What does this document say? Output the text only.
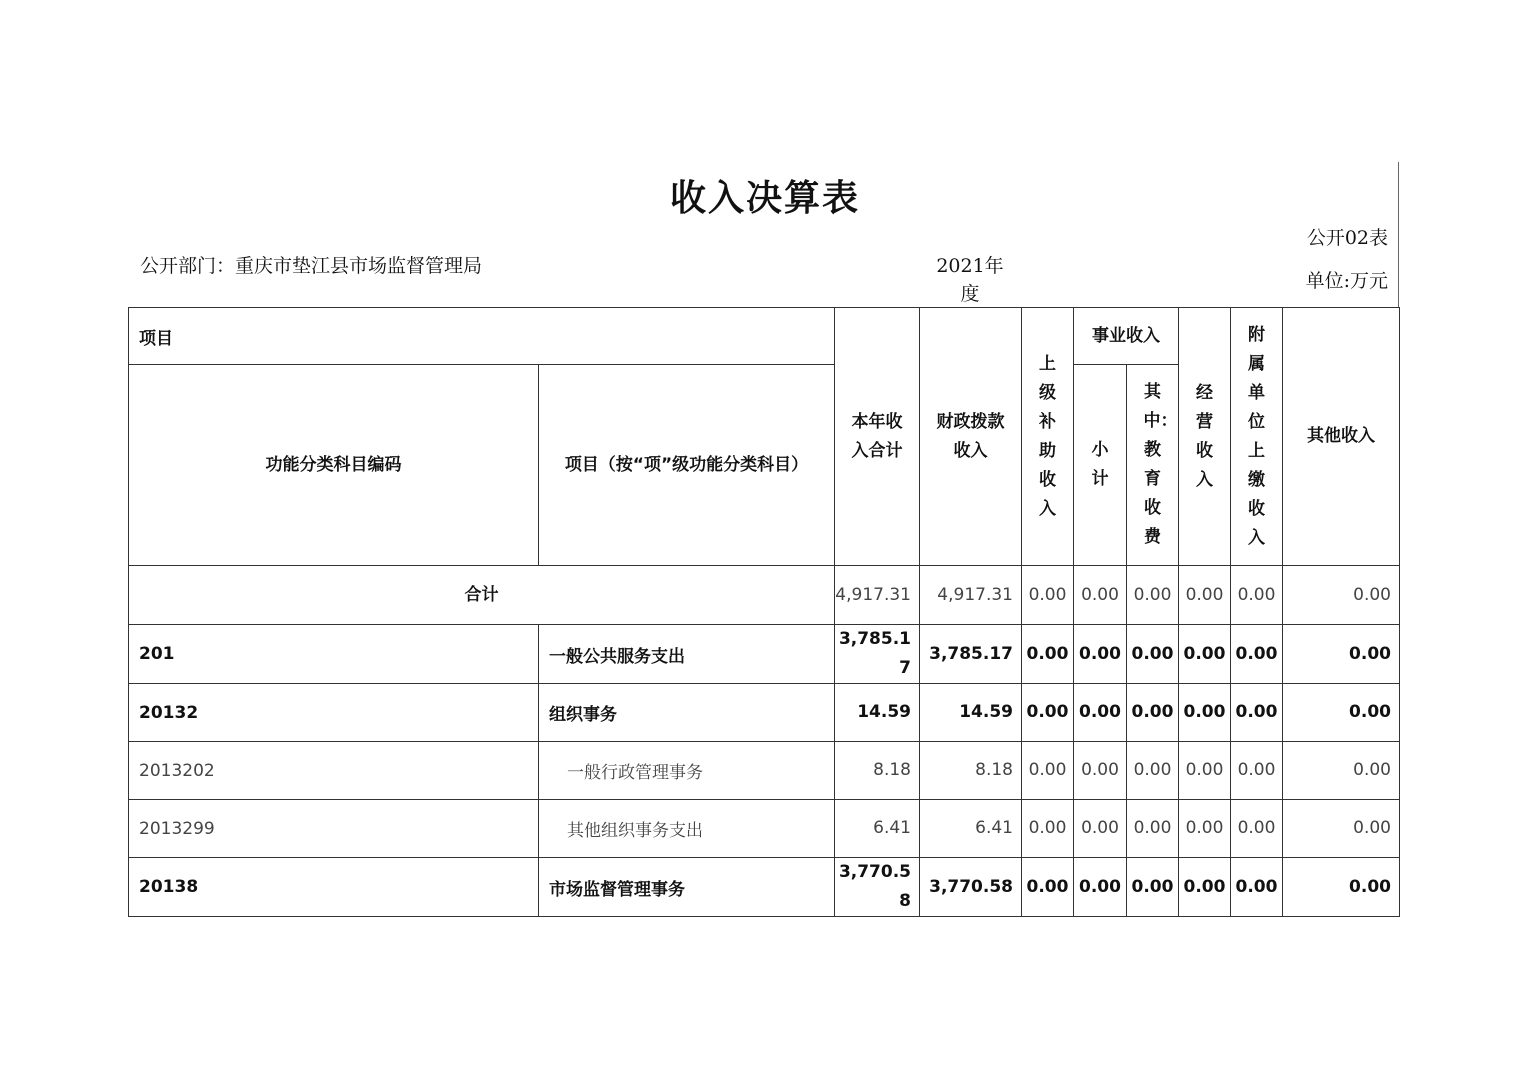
收入决算表
公开02表
公开部门：重庆市垫江县市场监督管理局	2021年度
单位:万元
项目		本年收入合计	财政拨款收入	上级补助收入	事业收入		经营收入	附属单位上缴收入	其他收入
功能分类科目编码	项目（按“项”级功能分类科目）				小计	其中：教育收费			

合计		4,917.31	4,917.31	0.00	0.00	0.00	0.00	0.00	0.00
201	一般公共服务支出	3,785.17	3,785.17	0.00	0.00	0.00	0.00	0.00	0.00
20132	组织事务	14.59	14.59	0.00	0.00	0.00	0.00	0.00	0.00
2013202	一般行政管理事务	8.18	8.18	0.00	0.00	0.00	0.00	0.00	0.00
2013299	其他组织事务支出	6.41	6.41	0.00	0.00	0.00	0.00	0.00	0.00
20138	市场监督管理事务	3,770.58	3,770.58	0.00	0.00	0.00	0.00	0.00	0.00
